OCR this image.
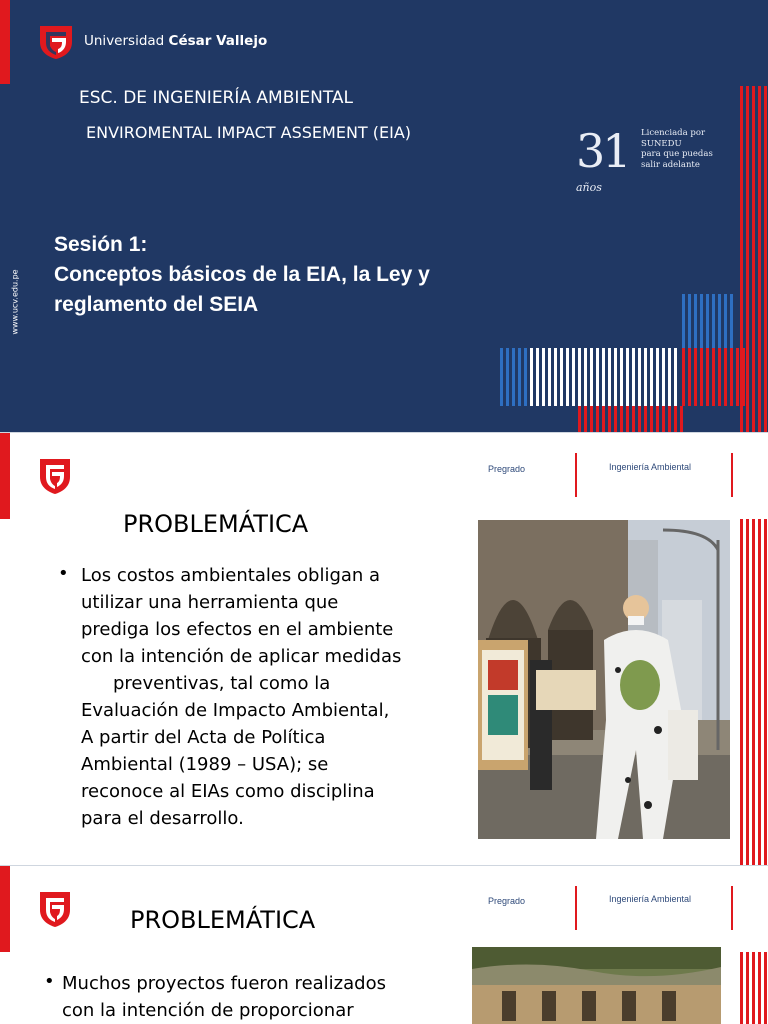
Universidad César Vallejo
ESC. DE INGENIERÍA AMBIENTAL
ENVIROMENTAL IMPACT ASSEMENT (EIA)	31
años
Licenciada por
SUNEDU
para que puedas
salir adelante
Sesión 1:
Conceptos básicos de la EIA, la Ley y
reglamento del SEIA
www.ucv.edu.pe
Pregrado	Ingeniería Ambiental
PROBLEMÁTICA
• Los costos ambientales obligan a
utilizar una herramienta que
prediga los efectos en el ambiente
con la intención de aplicar medidas
preventivas, tal como la
Evaluación de Impacto Ambiental,
A partir del Acta de Política
Ambiental (1989 – USA); se
reconoce al EIAs como disciplina
para el desarrollo.
Pregrado	Ingeniería Ambiental
PROBLEMÁTICA
• Muchos proyectos fueron realizados
con la intención de proporcionar
